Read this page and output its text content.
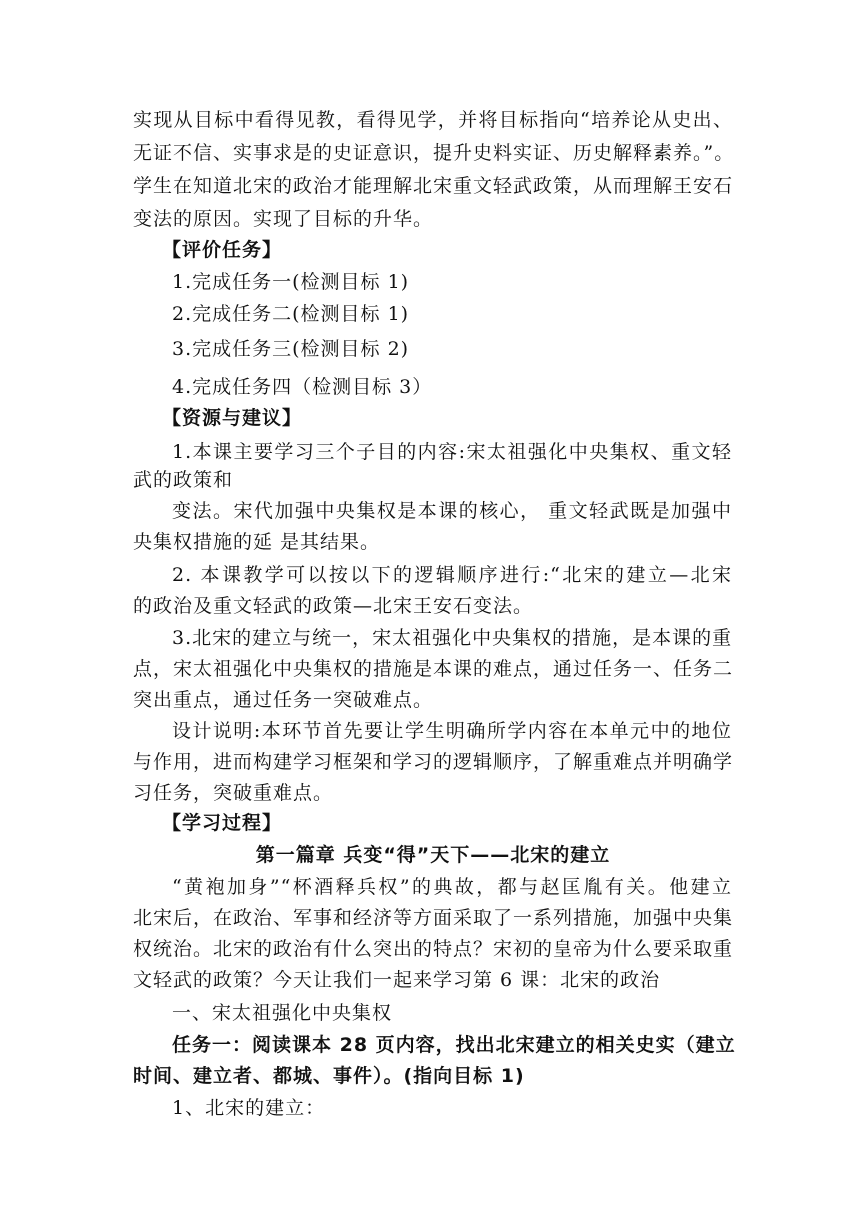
实现从目标中看得见教，看得见学，并将目标指向“培养论从史出、
无证不信、实事求是的史证意识，提升史料实证、历史解释素养。”。
学生在知道北宋的政治才能理解北宋重文轻武政策，从而理解王安石
变法的原因。实现了目标的升华。
【评价任务】
1.完成任务一(检测目标 1)
2.完成任务二(检测目标 1)
3.完成任务三(检测目标 2)
4.完成任务四（检测目标 3）
【资源与建议】
1.本课主要学习三个子目的内容:宋太祖强化中央集权、重文轻
武的政策和
变法。宋代加强中央集权是本课的核心， 重文轻武既是加强中
央集权措施的延 是其结果。
2. 本课教学可以按以下的逻辑顺序进行:“北宋的建立—北宋
的政治及重文轻武的政策—北宋王安石变法。
3.北宋的建立与统一，宋太祖强化中央集权的措施，是本课的重
点，宋太祖强化中央集权的措施是本课的难点，通过任务一、任务二
突出重点，通过任务一突破难点。
设计说明:本环节首先要让学生明确所学内容在本单元中的地位
与作用，进而构建学习框架和学习的逻辑顺序，了解重难点并明确学
习任务，突破重难点。
【学习过程】
第一篇章 兵变“得”天下——北宋的建立
“黄袍加身”“杯酒释兵权”的典故，都与赵匡胤有关。他建立
北宋后，在政治、军事和经济等方面采取了一系列措施，加强中央集
权统治。北宋的政治有什么突出的特点？宋初的皇帝为什么要采取重
文轻武的政策？今天让我们一起来学习第 6 课：北宋的政治
一、宋太祖强化中央集权
任务一：阅读课本 28 页内容，找出北宋建立的相关史实（建立
时间、建立者、都城、事件）。(指向目标 1)
1、北宋的建立：
